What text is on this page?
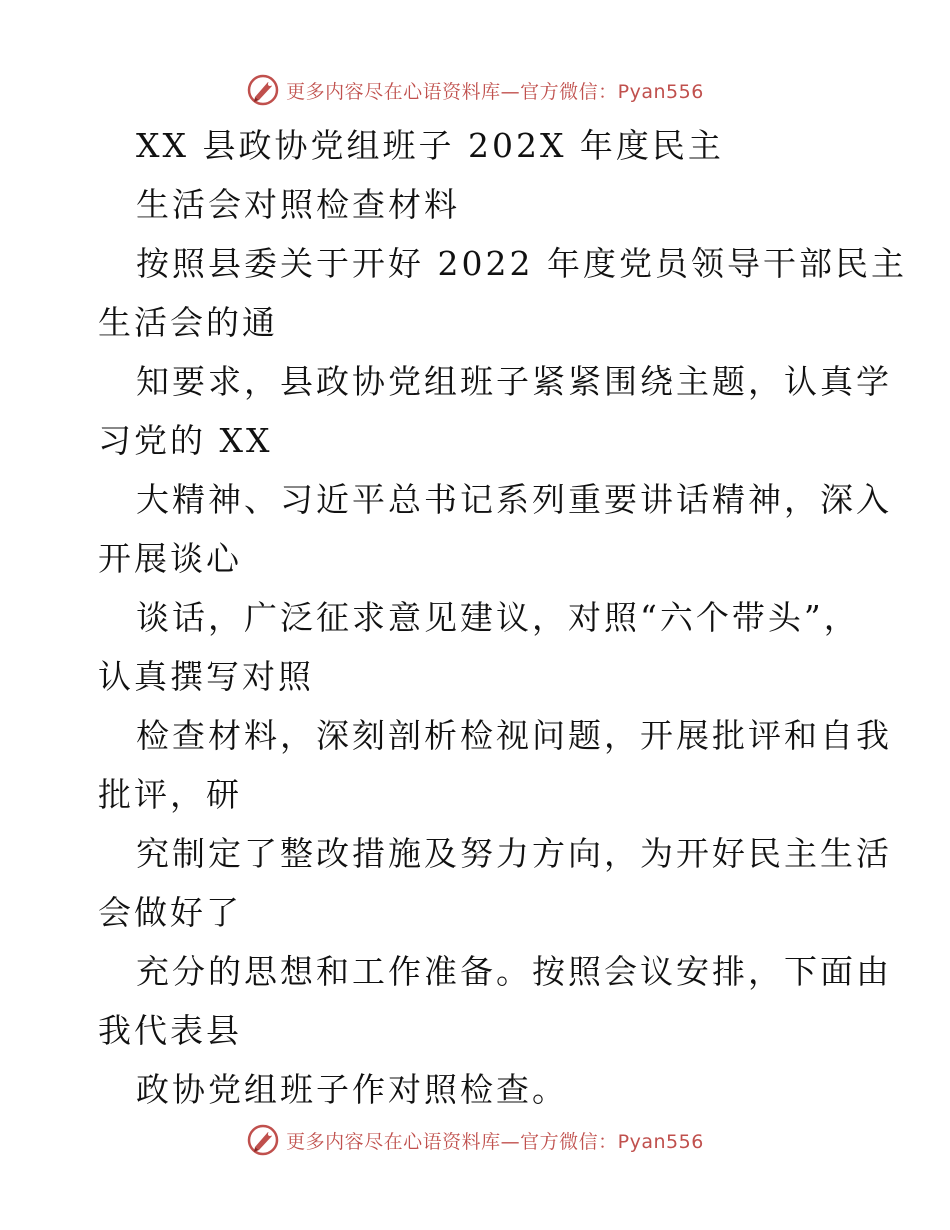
更多内容尽在心语资料库—官方微信：Pyan556
XX 县政协党组班子 202X 年度民主
生活会对照检查材料
按照县委关于开好 2022 年度党员领导干部民主
生活会的通
知要求，县政协党组班子紧紧围绕主题，认真学
习党的 XX
大精神、习近平总书记系列重要讲话精神，深入
开展谈心
谈话，广泛征求意见建议，对照“六个带头”，
认真撰写对照
检查材料，深刻剖析检视问题，开展批评和自我
批评，研
究制定了整改措施及努力方向，为开好民主生活
会做好了
充分的思想和工作准备。按照会议安排，下面由
我代表县
政协党组班子作对照检查。
更多内容尽在心语资料库—官方微信：Pyan556
